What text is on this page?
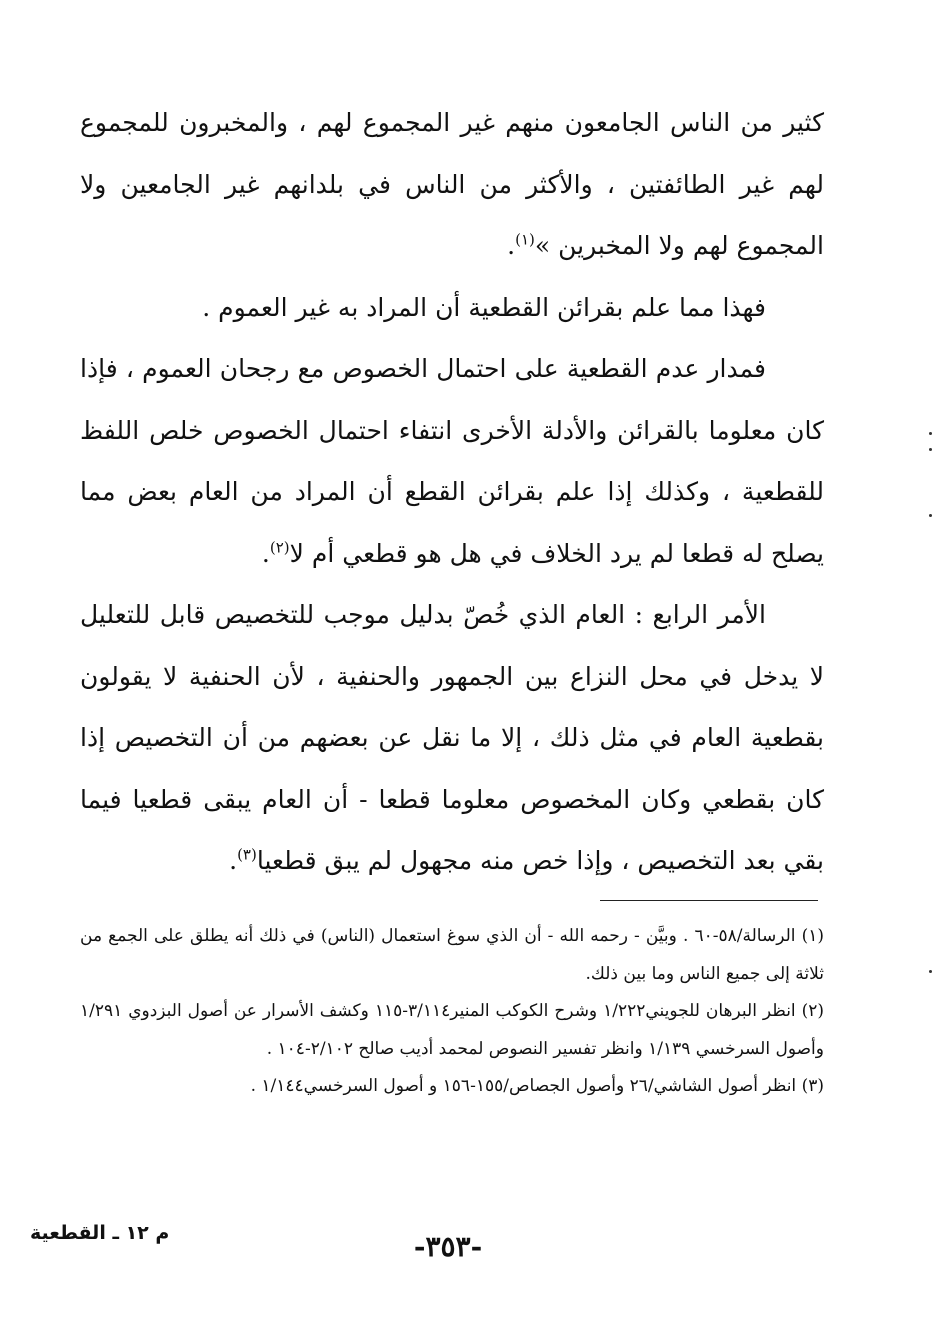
كثير من الناس الجامعون منهم غير المجموع لهم ، والمخبرون للمجموع لهم غير الطائفتين ، والأكثر من الناس في بلدانهم غير الجامعين ولا المجموع لهم ولا المخبرين »$^{(١)}$.

فهذا مما علم بقرائن القطعية أن المراد به غير العموم .

فمدار عدم القطعية على احتمال الخصوص مع رجحان العموم ، فإذا كان معلوما بالقرائن والأدلة الأخرى انتفاء احتمال الخصوص خلص اللفظ للقطعية ، وكذلك إذا علم بقرائن القطع أن المراد من العام بعض مما يصلح له قطعا لم يرد الخلاف في هل هو قطعي أم لا$^{(٢)}$.

الأمر الرابع : العام الذي خُصّ بدليل موجب للتخصيص قابل للتعليل لا يدخل في محل النزاع بين الجمهور والحنفية ، لأن الحنفية لا يقولون بقطعية العام في مثل ذلك ، إلا ما نقل عن بعضهم من أن التخصيص إذا كان بقطعي وكان المخصوص معلوما قطعا - أن العام يبقى قطعيا فيما بقي بعد التخصيص ، وإذا خص منه مجهول لم يبق قطعيا$^{(٣)}$.

(١) الرسالة/٥٨-٦٠ . وبيَّن - رحمه الله - أن الذي سوغ استعمال (الناس) في ذلك أنه يطلق على الجمع من ثلاثة إلى جميع الناس وما بين ذلك.

(٢) انظر البرهان للجويني١/٢٢٢ وشرح الكوكب المنير٣/١١٤-١١٥ وكشف الأسرار عن أصول البزدوي ١/٢٩١ وأصول السرخسي ١/١٣٩ وانظر تفسير النصوص لمحمد أديب صالح ٢/١٠٢-١٠٤ .

(٣) انظر أصول الشاشي/٢٦ وأصول الجصاص/١٥٥-١٥٦ و أصول السرخسي١/١٤٤ .

-٣٥٣-
م ١٢ ـ القطعية
